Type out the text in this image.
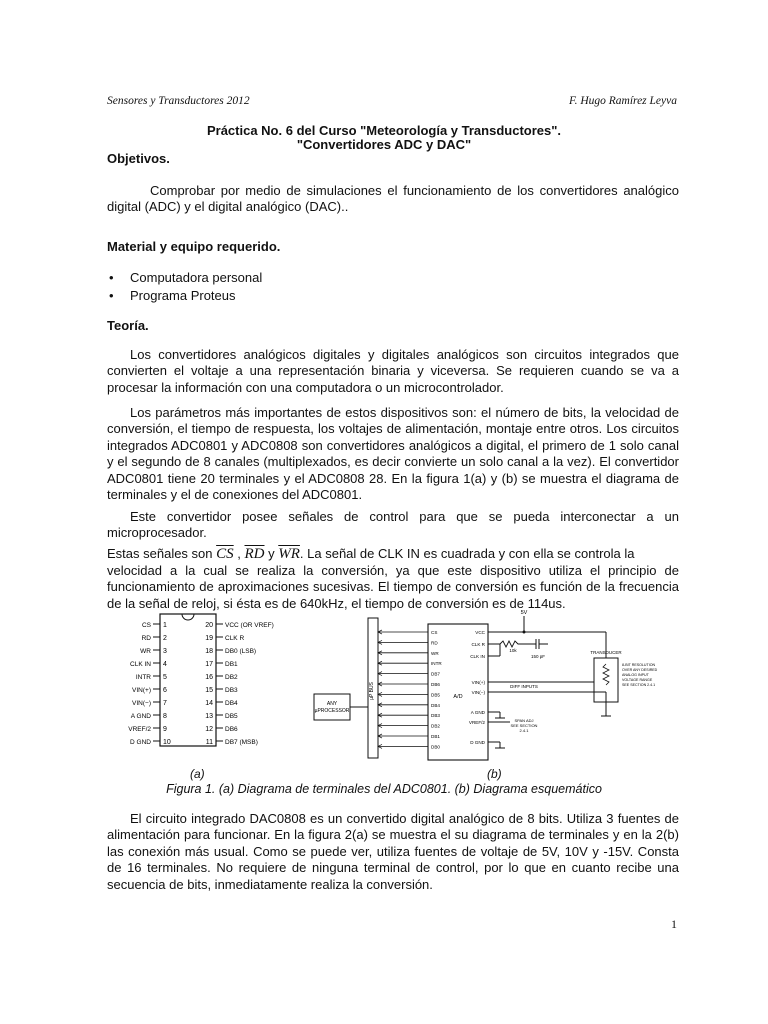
Sensores y Transductores 2012	F. Hugo Ramírez Leyva
Práctica No. 6 del Curso "Meteorología y Transductores".
"Convertidores ADC y DAC"
Objetivos.

Comprobar por medio de simulaciones el funcionamiento de los convertidores analógico digital (ADC) y el digital analógico (DAC)..

Material y equipo requerido.
• Computadora personal
• Programa Proteus
Teoría.

Los convertidores analógicos digitales y digitales analógicos son circuitos integrados que convierten el voltaje a una representación binaria y viceversa. Se requieren cuando se va a procesar la información con una computadora o un microcontrolador.

Los parámetros más importantes de estos dispositivos son: el número de bits, la velocidad de conversión, el tiempo de respuesta, los voltajes de alimentación, montaje entre otros. Los circuitos integrados ADC0801 y ADC0808 son convertidores analógicos a digital, el primero de 1 solo canal y el segundo de 8 canales (multiplexados, es decir convierte un solo canal a la vez). El convertidor ADC0801 tiene 20 terminales y el ADC0808 28. En la figura 1(a) y (b) se muestra el diagrama de terminales y el de conexiones del ADC0801.

Este convertidor posee señales de control para que se pueda interconectar a un microprocesador.

Estas señales son $\overline{CS}$ , $\overline{RD}$ y $\overline{WR}$. La señal de CLK IN es cuadrada y con ella se controla la

velocidad a la cual se realiza la conversión, ya que este dispositivo utiliza el principio de funcionamiento de aproximaciones sucesivas. El tiempo de conversión es función de la frecuencia de la señal de reloj, si ésta es de 640kHz, el tiempo de conversión es de 114us.

1
CS
2
RD
3
WR
4
CLK IN
5
INTR
6
VIN(+)
7
VIN(−)
8
A GND
9
VREF/2
10
D GND
20 VCC (OR VREF)
19 CLK R
18 DB0 (LSB)
17 DB1
16 DB2
15 DB3
14 DB4
13 DB5
12 DB6
11 DB7 (MSB)
µP BUS
ANY
µPROCESSOR
A/D
CS
RD
WR
INTR
DB7
DB6
DB5
DB4
DB3
DB2
DB1
DB0
VCC
CLK R
CLK IN
VIN(+)
VIN(−)
A GND
VREF/2
D GND
5V
10k
150 pF
TRANSDUCER
8-BIT RESOLUTION
OVER ANY DESIRED
ANALOG INPUT
VOLTAGE RANGE
SEE SECTION 2.4.1
DIFF INPUTS
SPAN ADJ
SEE SECTION
2.4.1
(a)	(b)
Figura 1. (a) Diagrama de terminales del ADC0801. (b) Diagrama esquemático

El circuito integrado DAC0808 es un convertido digital analógico de 8 bits. Utiliza 3 fuentes de alimentación para funcionar. En la figura 2(a) se muestra el su diagrama de terminales y en la 2(b) las conexión más usual. Como se puede ver, utiliza fuentes de voltaje de 5V, 10V y -15V. Consta de 16 terminales. No requiere de ninguna terminal de control, por lo que en cuanto recibe una secuencia de bits, inmediatamente realiza la conversión.

1
